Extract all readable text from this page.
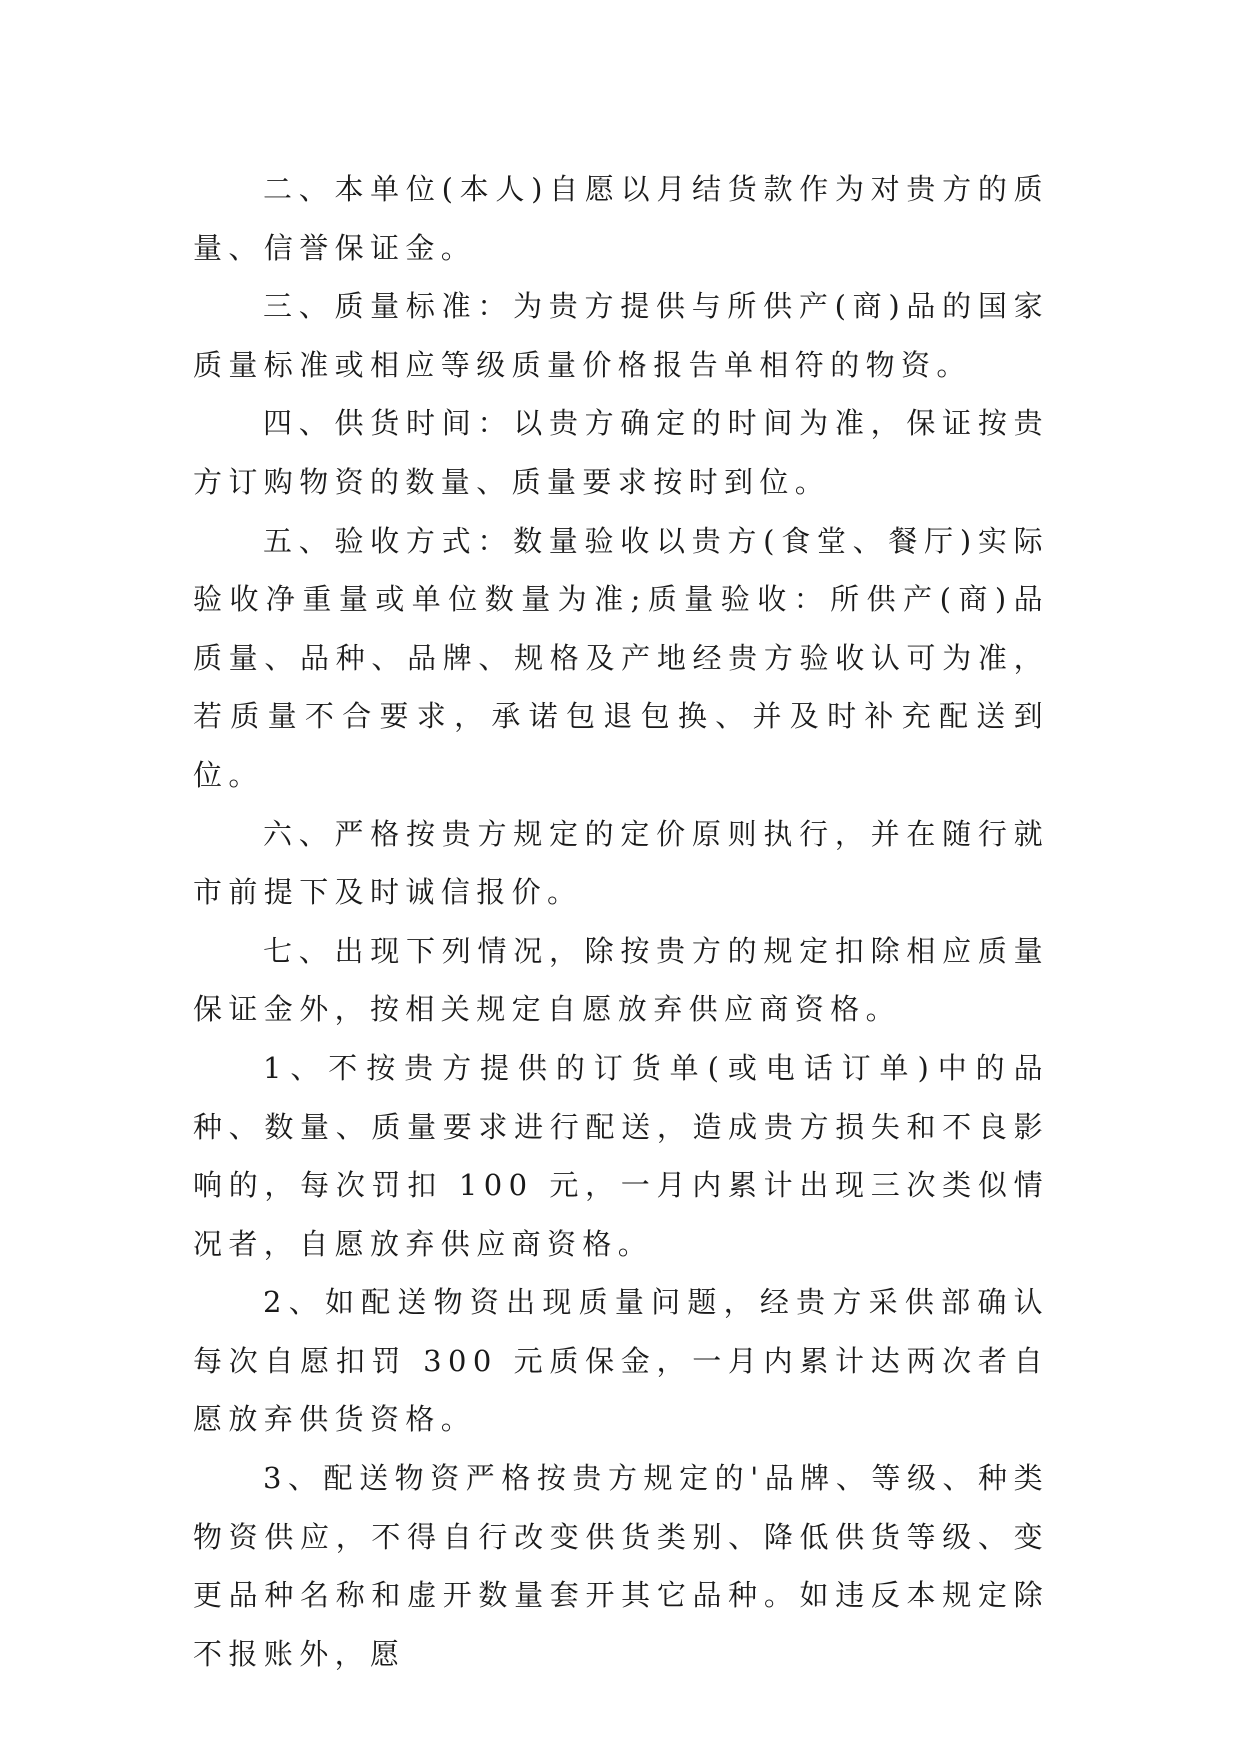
二、本单位(本人)自愿以月结货款作为对贵方的质量、信誉保证金。

三、质量标准：为贵方提供与所供产(商)品的国家质量标准或相应等级质量价格报告单相符的物资。

四、供货时间：以贵方确定的时间为准，保证按贵方订购物资的数量、质量要求按时到位。

五、验收方式：数量验收以贵方(食堂、餐厅)实际验收净重量或单位数量为准;质量验收：所供产(商)品质量、品种、品牌、规格及产地经贵方验收认可为准，若质量不合要求，承诺包退包换、并及时补充配送到位。

六、严格按贵方规定的定价原则执行，并在随行就市前提下及时诚信报价。

七、出现下列情况，除按贵方的规定扣除相应质量保证金外，按相关规定自愿放弃供应商资格。

1、不按贵方提供的订货单(或电话订单)中的品种、数量、质量要求进行配送，造成贵方损失和不良影响的，每次罚扣 100 元，一月内累计出现三次类似情况者，自愿放弃供应商资格。

2、如配送物资出现质量问题，经贵方采供部确认每次自愿扣罚 300 元质保金，一月内累计达两次者自愿放弃供货资格。

3、配送物资严格按贵方规定的'品牌、等级、种类物资供应，不得自行改变供货类别、降低供货等级、变更品种名称和虚开数量套开其它品种。如违反本规定除不报账外，愿
